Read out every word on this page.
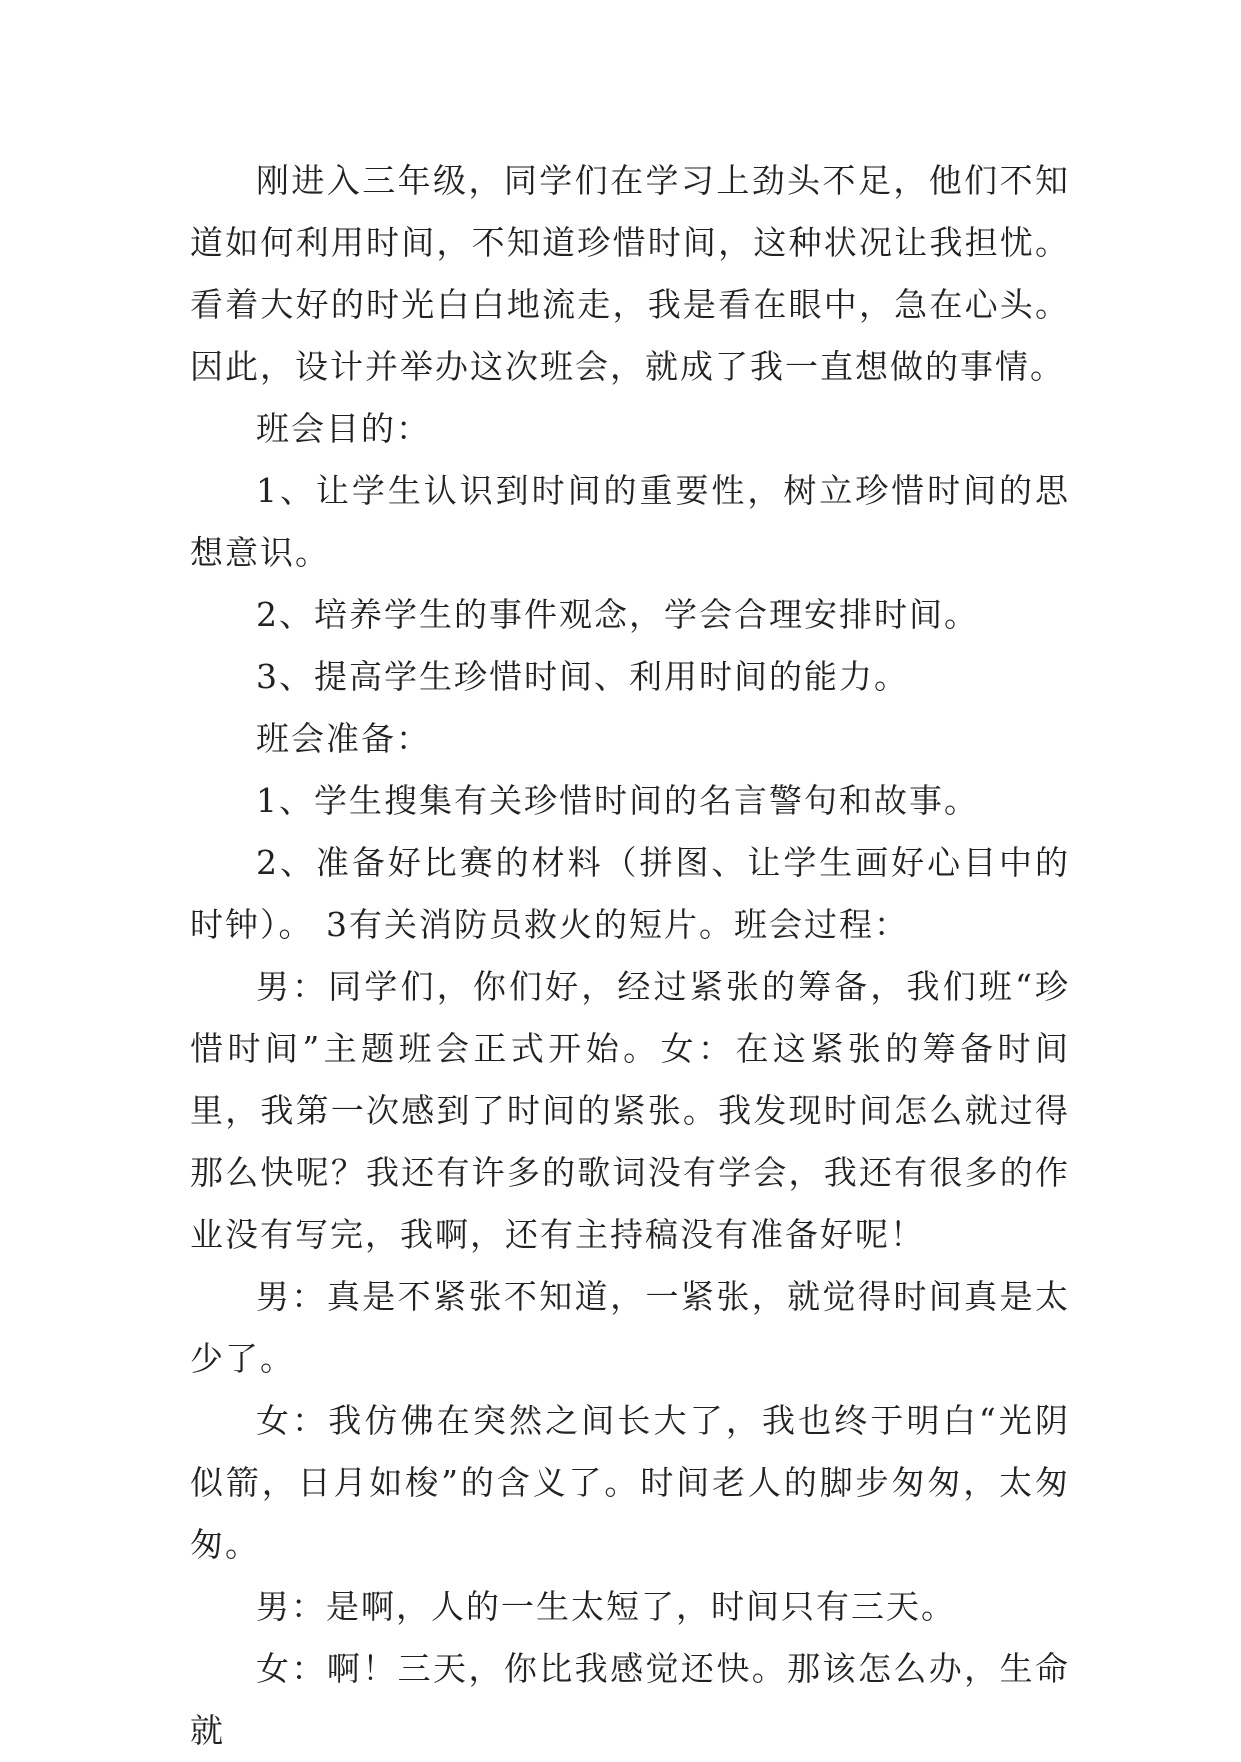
刚进入三年级，同学们在学习上劲头不足，他们不知道如何利用时间，不知道珍惜时间，这种状况让我担忧。看着大好的时光白白地流走，我是看在眼中，急在心头。因此，设计并举办这次班会，就成了我一直想做的事情。

班会目的：

1、让学生认识到时间的重要性，树立珍惜时间的思想意识。

2、培养学生的事件观念，学会合理安排时间。

3、提高学生珍惜时间、利用时间的能力。

班会准备：

1、学生搜集有关珍惜时间的名言警句和故事。

2、准备好比赛的材料（拼图、让学生画好心目中的时钟）。 3有关消防员救火的短片。班会过程：

男：同学们，你们好，经过紧张的筹备，我们班“珍惜时间”主题班会正式开始。女：在这紧张的筹备时间里，我第一次感到了时间的紧张。我发现时间怎么就过得那么快呢？我还有许多的歌词没有学会，我还有很多的作业没有写完，我啊，还有主持稿没有准备好呢！

男：真是不紧张不知道，一紧张，就觉得时间真是太少了。

女：我仿佛在突然之间长大了，我也终于明白“光阴似箭，日月如梭”的含义了。时间老人的脚步匆匆，太匆匆。

男：是啊，人的一生太短了，时间只有三天。

女：啊！三天，你比我感觉还快。那该怎么办，生命就
